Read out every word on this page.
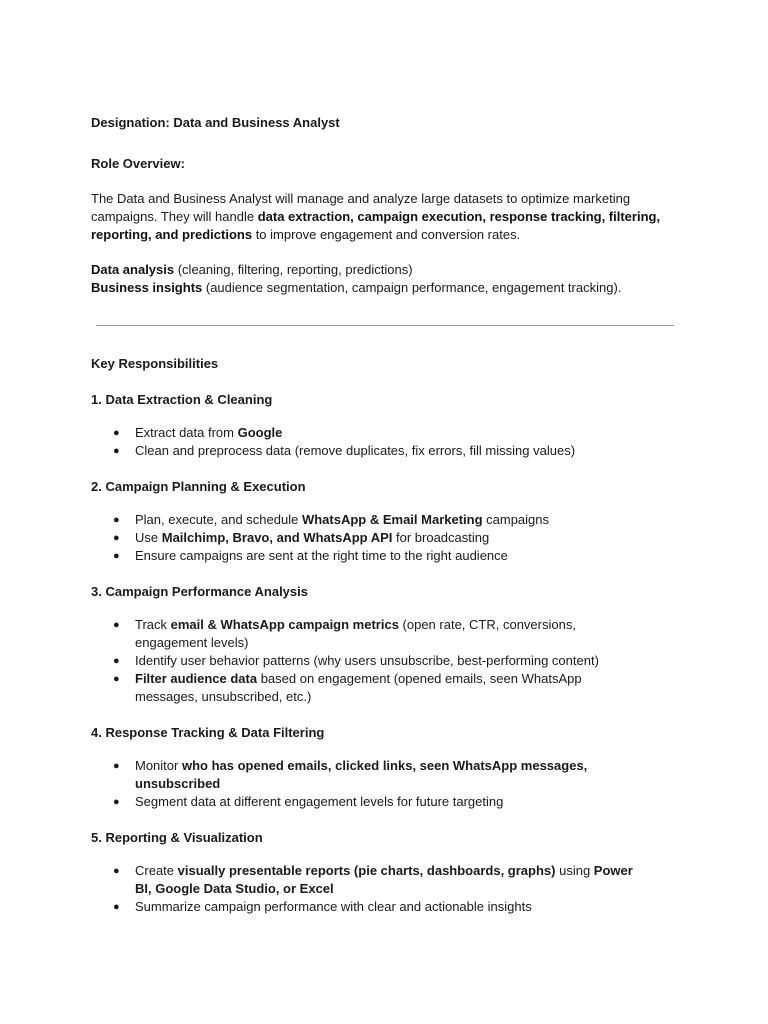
Designation: Data and Business Analyst

Role Overview:

The Data and Business Analyst will manage and analyze large datasets to optimize marketing campaigns. They will handle data extraction, campaign execution, response tracking, filtering, reporting, and predictions to improve engagement and conversion rates.

Data analysis (cleaning, filtering, reporting, predictions)

Business insights (audience segmentation, campaign performance, engagement tracking).

Key Responsibilities

1. Data Extraction & Cleaning

● Extract data from Google
● Clean and preprocess data (remove duplicates, fix errors, fill missing values)

2. Campaign Planning & Execution

● Plan, execute, and schedule WhatsApp & Email Marketing campaigns
● Use Mailchimp, Bravo, and WhatsApp API for broadcasting
● Ensure campaigns are sent at the right time to the right audience

3. Campaign Performance Analysis

● Track email & WhatsApp campaign metrics (open rate, CTR, conversions, engagement levels)
● Identify user behavior patterns (why users unsubscribe, best-performing content)
● Filter audience data based on engagement (opened emails, seen WhatsApp messages, unsubscribed, etc.)

4. Response Tracking & Data Filtering

● Monitor who has opened emails, clicked links, seen WhatsApp messages, unsubscribed
● Segment data at different engagement levels for future targeting

5. Reporting & Visualization

● Create visually presentable reports (pie charts, dashboards, graphs) using Power BI, Google Data Studio, or Excel
● Summarize campaign performance with clear and actionable insights
